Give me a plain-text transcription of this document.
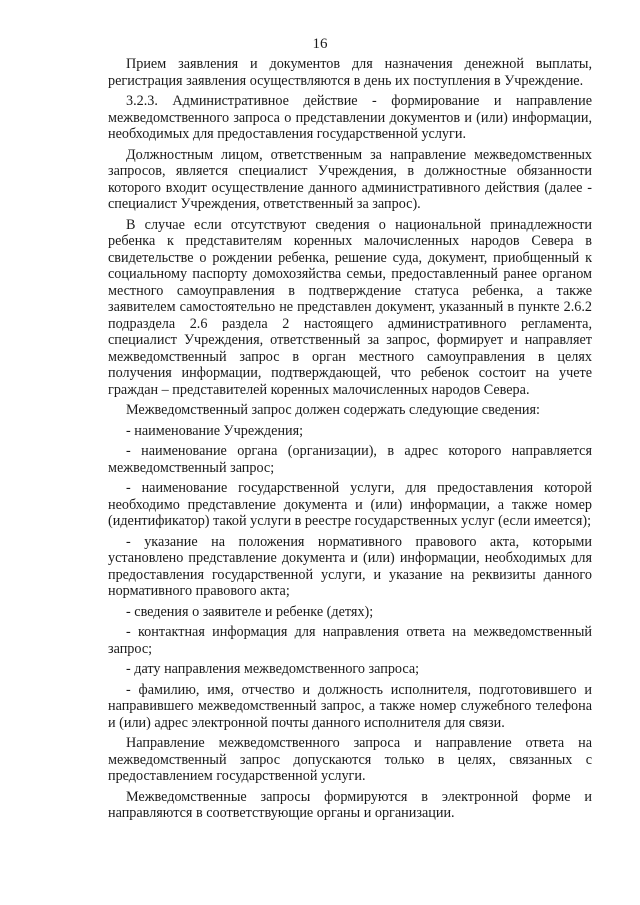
16

Прием заявления и документов для назначения денежной выплаты, регистрация заявления осуществляются в день их поступления в Учреждение.

3.2.3. Административное действие - формирование и направление межведомственного запроса о представлении документов и (или) информации, необходимых для предоставления государственной услуги.

Должностным лицом, ответственным за направление межведомственных запросов, является специалист Учреждения, в должностные обязанности которого входит осуществление данного административного действия (далее - специалист Учреждения, ответственный за запрос).

В случае если отсутствуют сведения о национальной принадлежности ребенка к представителям коренных малочисленных народов Севера в свидетельстве о рождении ребенка, решение суда, документ, приобщенный к социальному паспорту домохозяйства семьи, предоставленный ранее органом местного самоуправления в подтверждение статуса ребенка, а также заявителем самостоятельно не представлен документ, указанный в пункте 2.6.2 подраздела 2.6 раздела 2 настоящего административного регламента, специалист Учреждения, ответственный за запрос, формирует и направляет межведомственный запрос в орган местного самоуправления в целях получения информации, подтверждающей, что ребенок состоит на учете граждан – представителей коренных малочисленных народов Севера.

Межведомственный запрос должен содержать следующие сведения:

- наименование Учреждения;

- наименование органа (организации), в адрес которого направляется межведомственный запрос;

- наименование государственной услуги, для предоставления которой необходимо представление документа и (или) информации, а также номер (идентификатор) такой услуги в реестре государственных услуг (если имеется);

- указание на положения нормативного правового акта, которыми установлено представление документа и (или) информации, необходимых для предоставления государственной услуги, и указание на реквизиты данного нормативного правового акта;

- сведения о заявителе и ребенке (детях);

- контактная информация для направления ответа на межведомственный запрос;

- дату направления межведомственного запроса;

- фамилию, имя, отчество и должность исполнителя, подготовившего и направившего межведомственный запрос, а также номер служебного телефона и (или) адрес электронной почты данного исполнителя для связи.

Направление межведомственного запроса и направление ответа на межведомственный запрос допускаются только в целях, связанных с предоставлением государственной услуги.

Межведомственные запросы формируются в электронной форме и направляются в соответствующие органы и организации.
